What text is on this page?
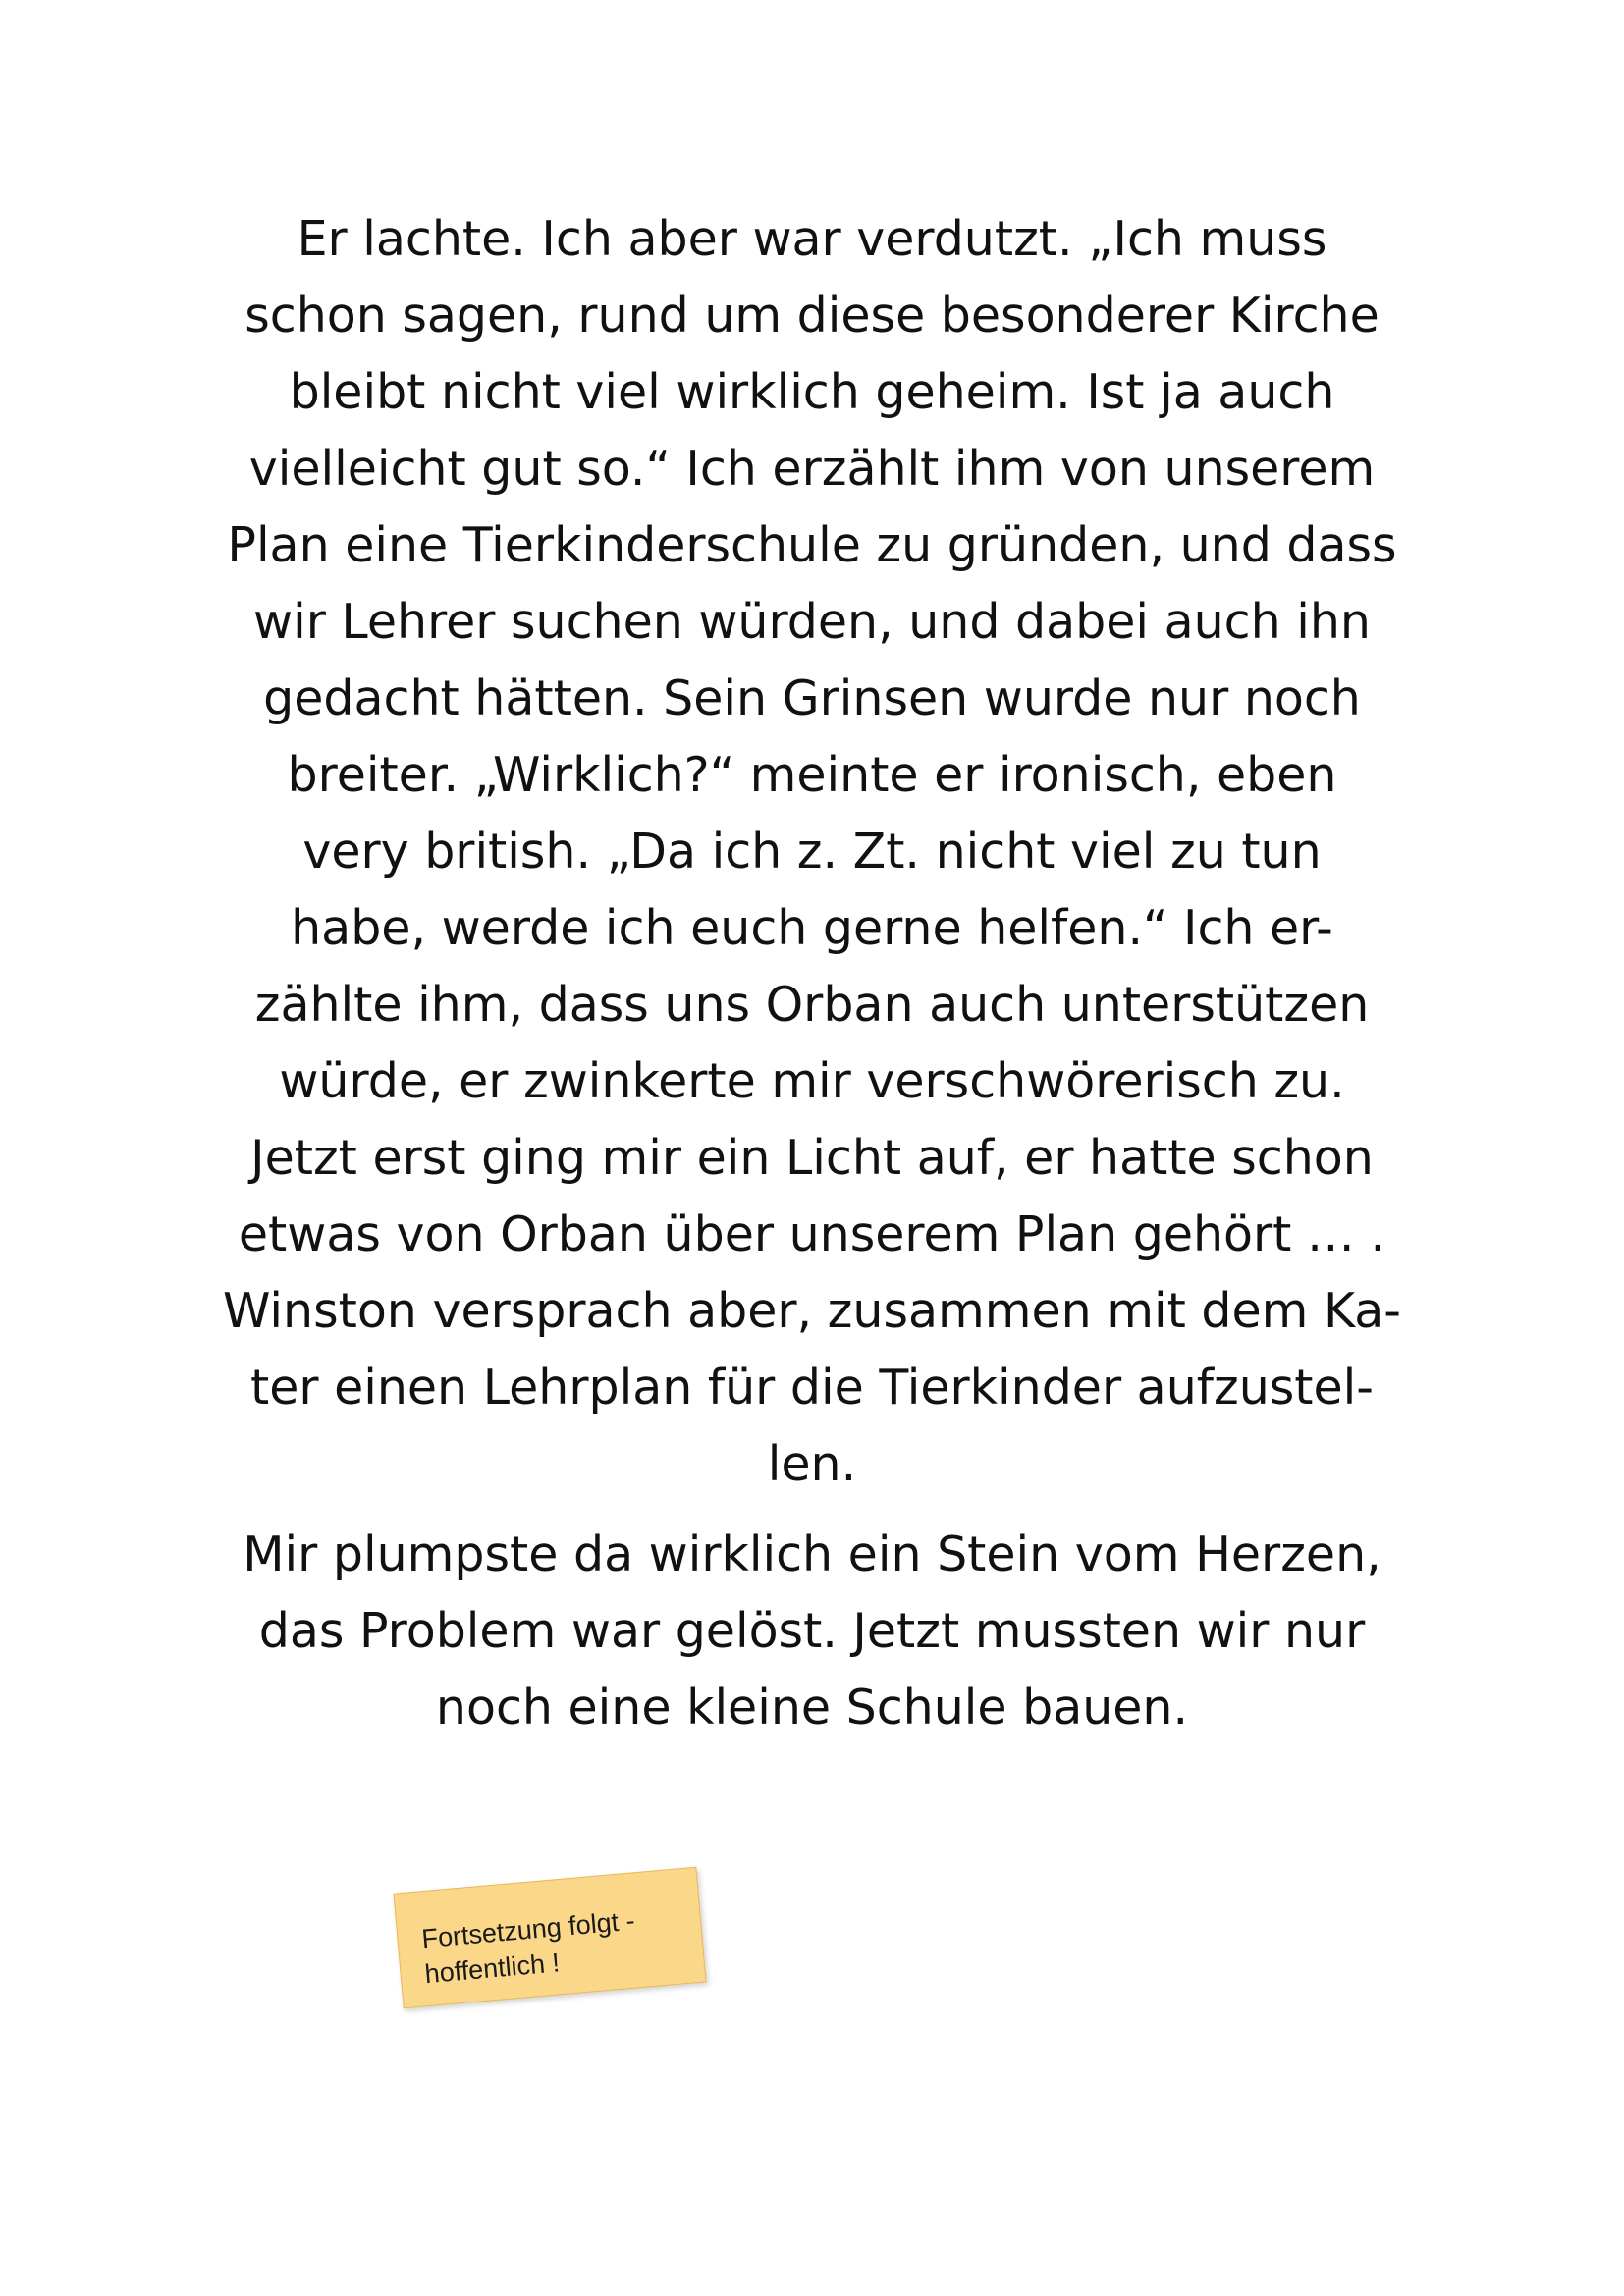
Er lachte. Ich aber war verdutzt. „Ich muss
schon sagen, rund um diese besonderer Kirche
bleibt nicht viel wirklich geheim. Ist ja auch
vielleicht gut so.“ Ich erzählt ihm von unserem
Plan eine Tierkinderschule zu gründen, und dass
wir Lehrer suchen würden, und dabei auch ihn
gedacht hätten. Sein Grinsen wurde nur noch
breiter. „Wirklich?“ meinte er ironisch, eben
very british. „Da ich z. Zt. nicht viel zu tun
habe, werde ich euch gerne helfen.“ Ich er-
zählte ihm, dass uns Orban auch unterstützen
würde, er zwinkerte mir verschwörerisch zu.
Jetzt erst ging mir ein Licht auf, er hatte schon
etwas von Orban über unserem Plan gehört … .
Winston versprach aber, zusammen mit dem Ka-
ter einen Lehrplan für die Tierkinder aufzustel-
len.
Mir plumpste da wirklich ein Stein vom Herzen,
das Problem war gelöst. Jetzt mussten wir nur
noch eine kleine Schule bauen.
Fortsetzung folgt -
hoffentlich !
